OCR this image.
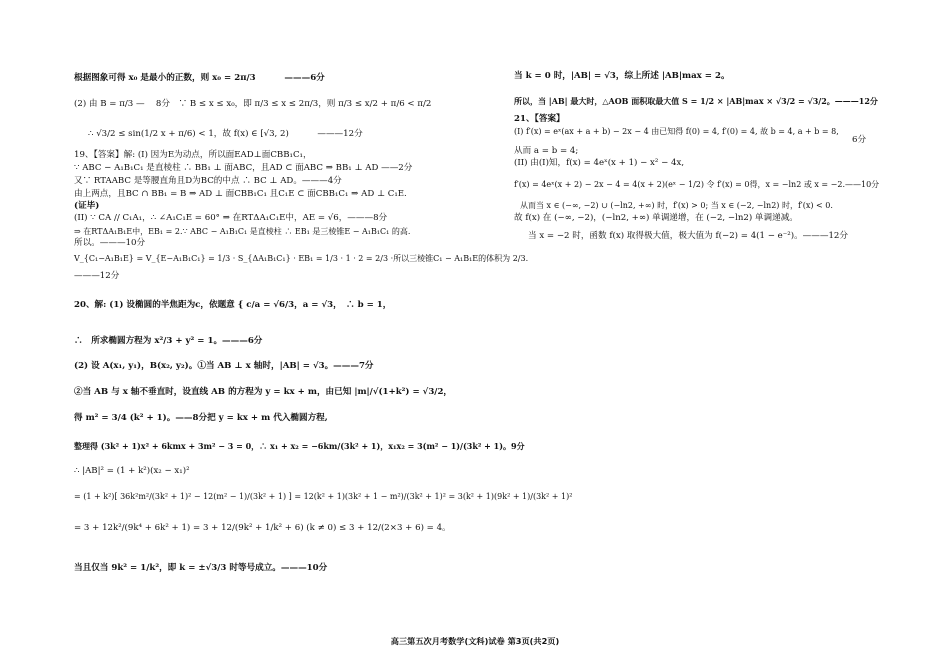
根据图象可得 x₀ 是最小的正数，则 x₀ = 2π/3 　　　———6分
(2) 由 B = π/3 — 　8分　∵ B ≤ x ≤ x₀，即 π/3 ≤ x ≤ 2π/3，则 π/3 ≤ x/2 + π/6 < π/2
∴ √3/2 ≤ sin(1/2 x + π/6) < 1，故 f(x) ∈ [√3, 2) 　　　———12分
19、【答案】解: (I) 因为E为动点，所以面EAD⊥面CBB₁C₁，
∵ ABC − A₁B₁C₁ 是直棱柱 ∴ BB₁ ⊥ 面ABC，且AD ⊂ 面ABC ⇒ BB₁ ⊥ AD ——2分
又∵ RTAABC 是等腰直角且D为BC的中点 ∴ BC ⊥ AD。———4分
由上两点，且BC ∩ BB₁ = B ⇒ AD ⊥ 面CBB₁C₁ 且C₁E ⊂ 面CBB₁C₁ ⇒ AD ⊥ C₁E.
(证毕)
(II) ∵ CA // C₁A₁，∴ ∠A₁C₁E = 60° ⇒ 在RTΔA₁C₁E中，AE = √6，———8分
⇒ 在RTΔA₁B₁E中，EB₁ = 2.∵ ABC − A₁B₁C₁ 是直棱柱 ∴ EB₁ 是三棱锥E − A₁B₁C₁ 的高.
所以。———10分
V_{C₁−A₁B₁E} = V_{E−A₁B₁C₁} = 1/3 · S_{ΔA₁B₁C₁} · EB₁ = 1/3 · 1 · 2 = 2/3 ·所以三棱锥C₁ − A₁B₁E的体积为 2/3.
———12分
20、解: (1) 设椭圆的半焦距为c，依题意 { c/a = √6/3，a = √3，　∴ b = 1，
∴　所求椭圆方程为 x²/3 + y² = 1。———6分
(2) 设 A(x₁, y₁)，B(x₂, y₂)。①当 AB ⊥ x 轴时，|AB| = √3。———7分
②当 AB 与 x 轴不垂直时，设直线 AB 的方程为 y = kx + m，由已知 |m|/√(1+k²) = √3/2，
得 m² = 3/4 (k² + 1)。——8分把 y = kx + m 代入椭圆方程,
整理得 (3k² + 1)x² + 6kmx + 3m² − 3 = 0，∴ x₁ + x₂ = −6km/(3k² + 1)，x₁x₂ = 3(m² − 1)/(3k² + 1)。9分
∴ |AB|² = (1 + k²)(x₂ − x₁)²
= (1 + k²)[ 36k²m²/(3k² + 1)² − 12(m² − 1)/(3k² + 1) ] = 12(k² + 1)(3k² + 1 − m²)/(3k² + 1)² = 3(k² + 1)(9k² + 1)/(3k² + 1)²
= 3 + 12k²/(9k⁴ + 6k² + 1) = 3 + 12/(9k² + 1/k² + 6) (k ≠ 0) ≤ 3 + 12/(2×3 + 6) = 4。
当且仅当 9k² = 1/k²，即 k = ±√3/3 时等号成立。———10分
当 k = 0 时，|AB| = √3，综上所述 |AB|max = 2。
所以，当 |AB| 最大时，△AOB 面积取最大值 S = 1/2 × |AB|max × √3/2 = √3/2。———12分
21、【答案】
(I) f′(x) = eˣ(ax + a + b) − 2x − 4 由已知得 f(0) = 4, f′(0) = 4, 故 b = 4, a + b = 8,
6分
从而 a = b = 4;
(II) 由(I)知，f(x) = 4eˣ(x + 1) − x² − 4x,
f′(x) = 4eˣ(x + 2) − 2x − 4 = 4(x + 2)(eˣ − 1/2) 令 f′(x) = 0得，x = −ln2 或 x = −2.——10分
从而当 x ∈ (−∞, −2) ∪ (−ln2, +∞) 时，f′(x) > 0; 当 x ∈ (−2, −ln2) 时，f′(x) < 0.
故 f(x) 在 (−∞, −2)，(−ln2, +∞) 单调递增，在 (−2, −ln2) 单调递减。
当 x = −2 时，函数 f(x) 取得极大值，极大值为 f(−2) = 4(1 − e⁻²)。———12分
高三第五次月考数学(文科)试卷 第3页(共2页)
